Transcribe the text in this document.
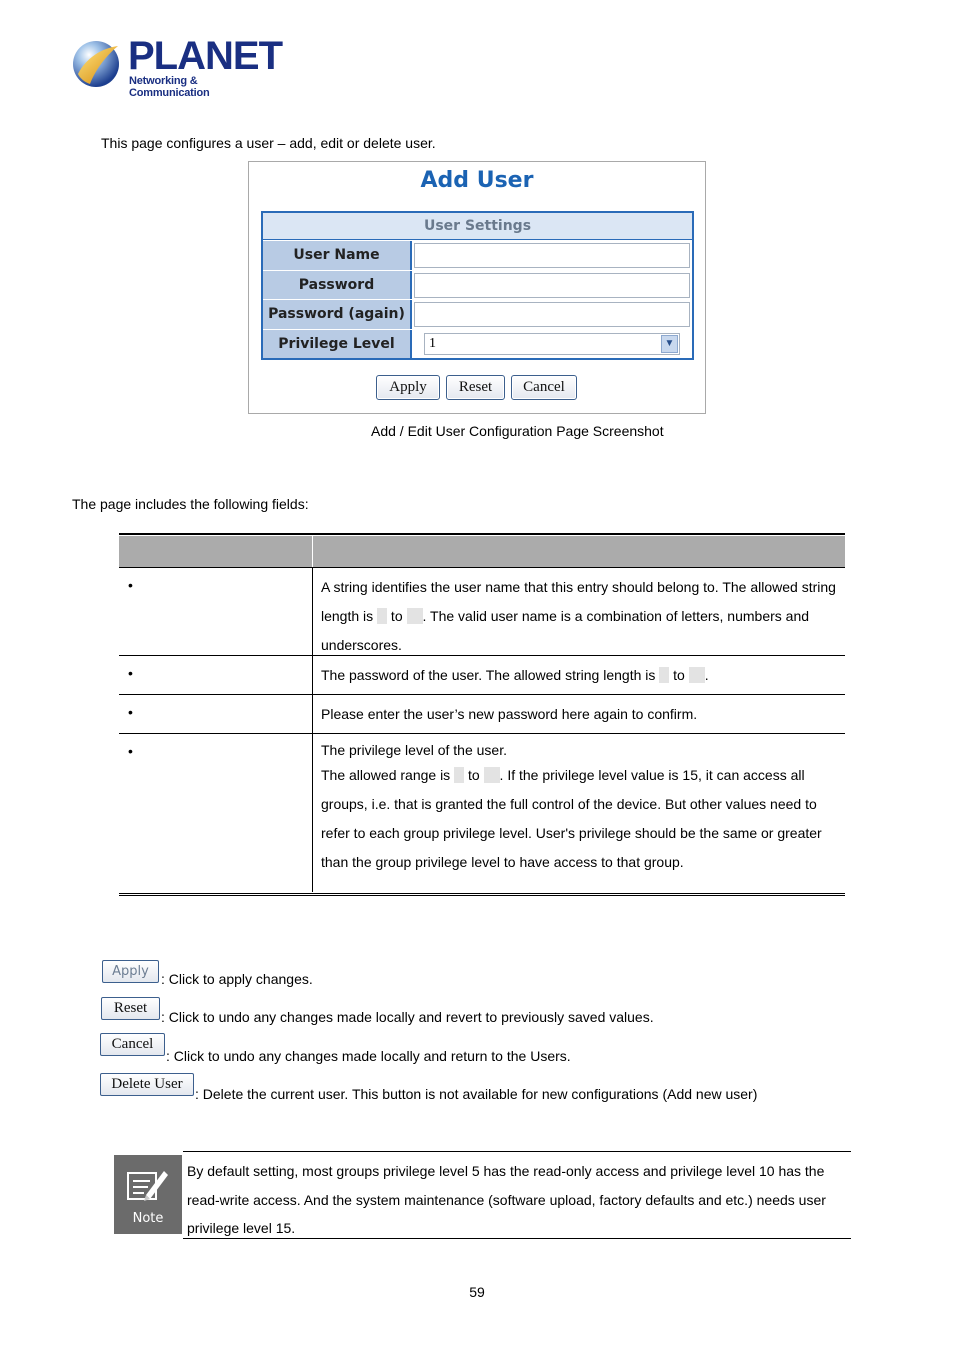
PLANET
Networking & Communication
This page configures a user – add, edit or delete user.
Add User
User Settings
User Name
Password
Password (again)
Privilege Level	1	▼
Apply	Reset	Cancel
Add / Edit User Configuration Page Screenshot
The page includes the following fields:
•	A string identifies the user name that this entry should belong to. The allowed string length is  to . The valid user name is a combination of letters, numbers and underscores.
•	The password of the user. The allowed string length is  to .
•	Please enter the user’s new password here again to confirm.
•	The privilege level of the user.
The allowed range is  to . If the privilege level value is 15, it can access all groups, i.e. that is granted the full control of the device. But other values need to refer to each group privilege level. User's privilege should be the same or greater than the group privilege level to have access to that group.
Apply : Click to apply changes.
Reset
: Click to undo any changes made locally and revert to previously saved values.
Cancel
: Click to undo any changes made locally and return to the Users.
Delete User
: Delete the current user. This button is not available for new configurations (Add new user)
Note
By default setting, most groups privilege level 5 has the read-only access and privilege level 10 has the read-write access. And the system maintenance (software upload, factory defaults and etc.) needs user privilege level 15.
59
